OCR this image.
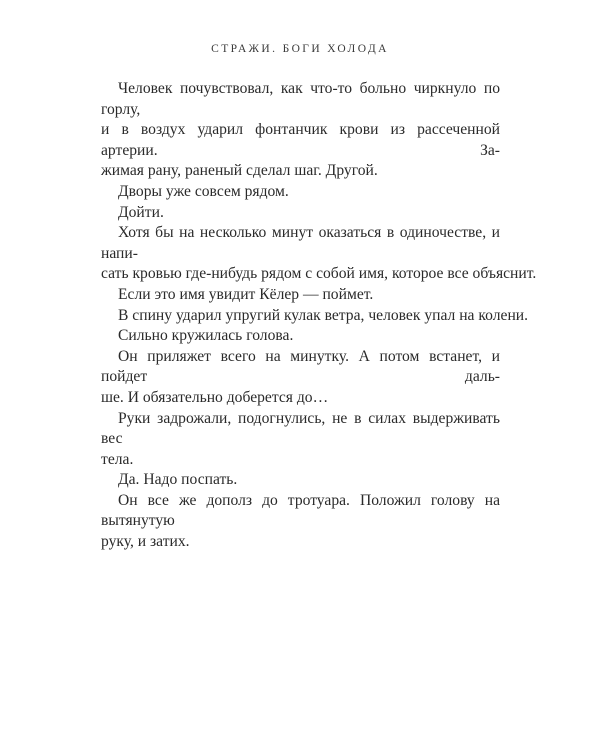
СТРАЖИ. БОГИ ХОЛОДА

Человек почувствовал, как что-то больно чиркнуло по горлу,
и в воздух ударил фонтанчик крови из рассеченной артерии. За-
жимая рану, раненый сделал шаг. Другой.

Дворы уже совсем рядом.

Дойти.

Хотя бы на несколько минут оказаться в одиночестве, и напи-
сать кровью где-нибудь рядом с собой имя, которое все объяснит.

Если это имя увидит Кёлер — поймет.

В спину ударил упругий кулак ветра, человек упал на колени.

Сильно кружилась голова.

Он приляжет всего на минутку. А потом встанет, и пойдет даль-
ше. И обязательно доберется до…

Руки задрожали, подогнулись, не в силах выдерживать вес
тела.

Да. Надо поспать.

Он все же дополз до тротуара. Положил голову на вытянутую
руку, и затих.
